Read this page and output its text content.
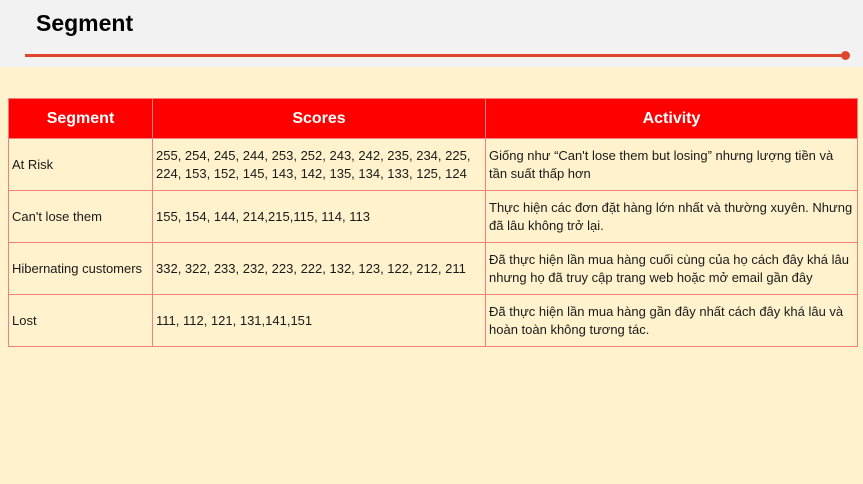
Segment
Segment	Scores	Activity
At Risk	255, 254, 245, 244, 253, 252, 243, 242, 235, 234, 225, 224, 153, 152, 145, 143, 142, 135, 134, 133, 125, 124	Giống như “Can't lose them but losing” nhưng lượng tiền và tần suất thấp hơn
Can't lose them	155, 154, 144, 214,215,115, 114, 113	Thực hiện các đơn đặt hàng lớn nhất và thường xuyên. Nhưng đã lâu không trở lại.
Hibernating customers	332, 322, 233, 232, 223, 222, 132, 123, 122, 212, 211	Đã thực hiện lần mua hàng cuối cùng của họ cách đây khá lâu nhưng họ đã truy cập trang web hoặc mở email gần đây
Lost	111, 112, 121, 131,141,151	Đã thực hiện lần mua hàng gần đây nhất cách đây khá lâu và hoàn toàn không tương tác.
